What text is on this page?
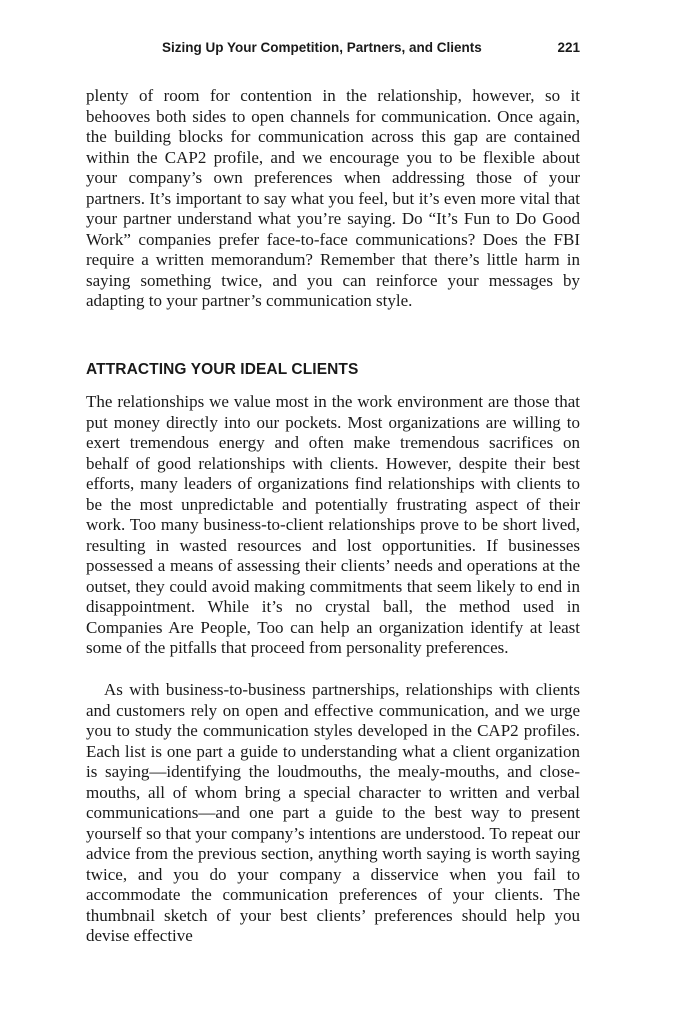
Sizing Up Your Competition, Partners, and Clients	221

plenty of room for contention in the relationship, however, so it behooves both sides to open channels for communication. Once again, the building blocks for communication across this gap are contained within the CAP2 profile, and we encourage you to be flexible about your company’s own preferences when addressing those of your partners. It’s important to say what you feel, but it’s even more vital that your partner understand what you’re saying. Do “It’s Fun to Do Good Work” companies prefer face-to-face communications? Does the FBI require a written memorandum? Remember that there’s little harm in saying something twice, and you can reinforce your messages by adapting to your partner’s communication style.

ATTRACTING YOUR IDEAL CLIENTS

The relationships we value most in the work environment are those that put money directly into our pockets. Most organizations are willing to exert tremendous energy and often make tremendous sacrifices on behalf of good relationships with clients. However, despite their best efforts, many leaders of organizations find relationships with clients to be the most unpredictable and potentially frustrating aspect of their work. Too many business-to-client relationships prove to be short lived, resulting in wasted resources and lost opportunities. If businesses possessed a means of assessing their clients’ needs and operations at the outset, they could avoid making commitments that seem likely to end in disappointment. While it’s no crystal ball, the method used in Companies Are People, Too can help an organization identify at least some of the pitfalls that proceed from personality preferences.

As with business-to-business partnerships, relationships with clients and customers rely on open and effective communication, and we urge you to study the communication styles developed in the CAP2 profiles. Each list is one part a guide to understanding what a client organization is saying—identifying the loudmouths, the mealy-mouths, and close-mouths, all of whom bring a special character to written and verbal communications—and one part a guide to the best way to present yourself so that your company’s intentions are understood. To repeat our advice from the previous section, anything worth saying is worth saying twice, and you do your company a disservice when you fail to accommodate the communication preferences of your clients. The thumbnail sketch of your best clients’ preferences should help you devise effective
